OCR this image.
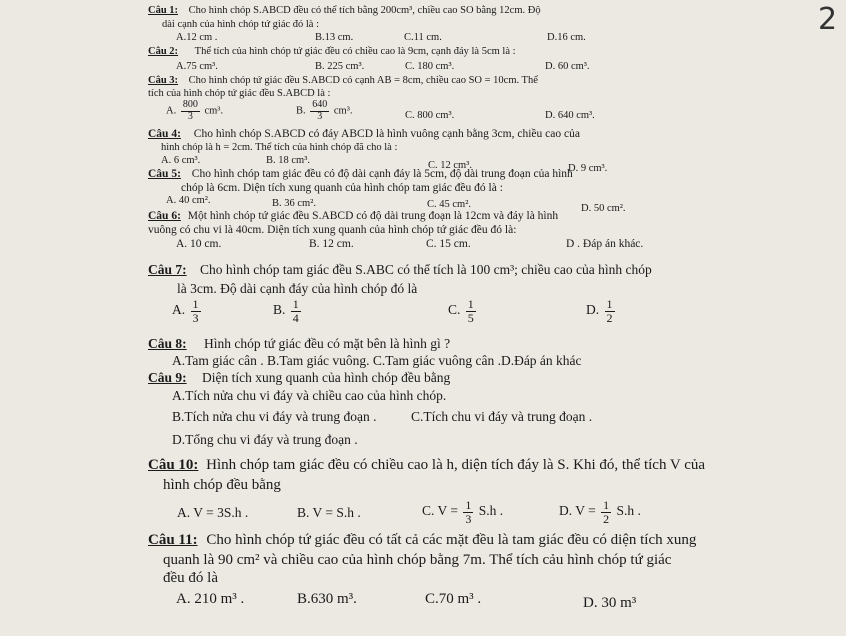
Câu 1: Cho hình chóp S.ABCD đều có thể tích bằng 200cm³, chiều cao SO bằng 12cm. Độ
dài cạnh của hình chóp tứ giác đó là :
A.12 cm .	B.13 cm.	C.11 cm.	D.16 cm.
2
Câu 2: Thể tích của hình chóp tứ giác đều có chiều cao là 9cm, cạnh đáy là 5cm là :
A.75 cm³.	B. 225 cm³.	C. 180 cm³.	D. 60 cm³.
Câu 3: Cho hình chóp tứ giác đều S.ABCD có cạnh AB = 8cm, chiều cao SO = 10cm. Thể
tích của hình chóp tứ giác đều S.ABCD là :
A. $\frac{800}{3} cm^3$.	B. $\frac{640}{3} cm^3$.	C. 800 cm³.	D. 640 cm³.
Câu 4: Cho hình chóp S.ABCD có đáy ABCD là hình vuông cạnh bằng 3cm, chiều cao của
hình chóp là h = 2cm. Thể tích của hình chóp đã cho là :
A. 6 cm³.	B. 18 cm³.	C. 12 cm³.	D. 9 cm³.
Câu 5: Cho hình chóp tam giác đều có độ dài cạnh đáy là 5cm, độ dài trung đoạn của hình
chóp là 6cm. Diện tích xung quanh của hình chóp tam giác đều đó là :
A. 40 cm².	B. 36 cm².	C. 45 cm².	D. 50 cm².
Câu 6: Một hình chóp tứ giác đều S.ABCD có độ dài trung đoạn là 12cm và đáy là hình
vuông có chu vi là 40cm. Diện tích xung quanh của hình chóp tứ giác đều đó là:
A. 10 cm.	B. 12 cm.	C. 15 cm.	D . Đáp án khác.
Câu 7: Cho hình chóp tam giác đều S.ABC có thể tích là 100 cm³; chiều cao của hình chóp
là 3cm. Độ dài cạnh đáy của hình chóp đó là
A. $\frac{1}{3}$	B. $\frac{1}{4}$	C. $\frac{1}{5}$	D. $\frac{1}{2}$
Câu 8: Hình chóp tứ giác đều có mặt bên là hình gì ?
A.Tam giác cân . B.Tam giác vuông. C.Tam giác vuông cân .D.Đáp án khác
Câu 9: Diện tích xung quanh của hình chóp đều bằng
A.Tích nửa chu vi đáy và chiều cao của hình chóp.
B.Tích nửa chu vi đáy và trung đoạn .	C.Tích chu vi đáy và trung đoạn .
D.Tổng chu vi đáy và trung đoạn .
Câu 10: Hình chóp tam giác đều có chiều cao là h, diện tích đáy là S. Khi đó, thể tích V của
hình chóp đều bằng
A. V = 3S.h .	B. V = S.h .	C. $V = \frac{1}{3} S.h$ .	D. $V = \frac{1}{2} S.h$ .
Câu 11: Cho hình chóp tứ giác đều có tất cả các mặt đều là tam giác đều có diện tích xung
quanh là 90 cm² và chiều cao của hình chóp bằng 7m. Thể tích cảu hình chóp tứ giác
đều đó là
A. 210 m³ .	B.630 m³.	C.70 m³ .	D. 30 m³
